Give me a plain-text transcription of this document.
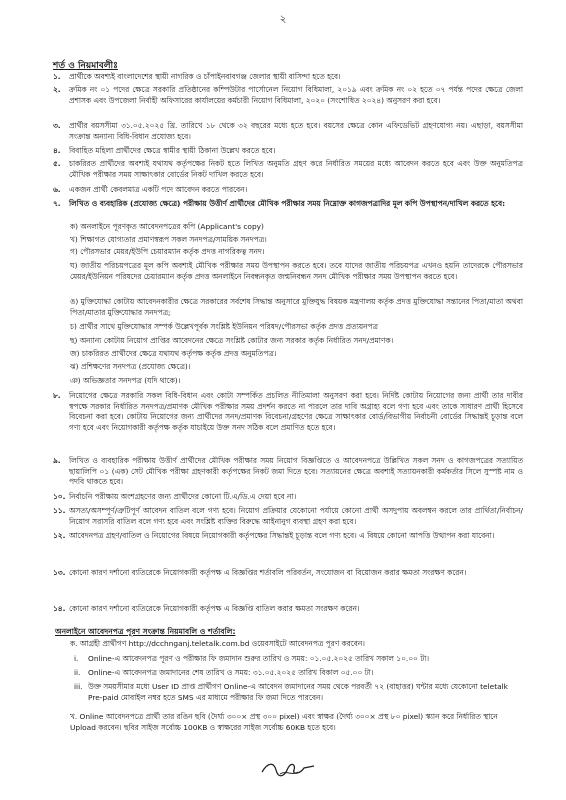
২
শর্ত ও নিয়মাবলীঃ
১. প্রার্থীকে অবশ্যই বাংলাদেশের স্থায়ী নাগরিক ও চাঁপাইনবাবগঞ্জ জেলার স্থায়ী বাসিন্দা হতে হবে।
২. ক্রমিক নং ০১ পদের ক্ষেত্রে সরকারি প্রতিষ্ঠানের কম্পিউটার পার্সোনেল নিয়োগ বিধিমালা, ২০১৯ এবং ক্রমিক নং ০২ হতে ০৭ পর্যন্ত পদের ক্ষেত্রে জেলা প্রশাসক এবং উপজেলা নির্বাহী অফিসারের কার্যালয়ের কর্মচারী নিয়োগ বিধিমালা, ২০২০ (সংশোধিত ২০২৪) অনুসরণ করা হবে।
৩. প্রার্থীর বয়সসীমা ৩১.০৫.২০২৫ খ্রি. তারিখে ১৮ থেকে ৩২ বছরের মধ্যে হতে হবে। বয়সের ক্ষেত্রে কোন এফিডেভিট গ্রহণযোগ্য নয়। এছাড়া, বয়সসীমা সংক্রান্ত অন্যান্য বিধি-বিধান প্রযোজ্য হবে।
৪. বিবাহিত মহিলা প্রার্থীদের ক্ষেত্রে স্বামীর স্থায়ী ঠিকানা উল্লেখ করতে হবে।
৫. চাকরিরত প্রার্থীদের অবশ্যই যথাযথ কর্তৃপক্ষের নিকট হতে লিখিত অনুমতি গ্রহণ করে নির্ধারিত সময়ের মধ্যে আবেদন করতে হবে এবং উক্ত অনুমতিপত্র মৌখিক পরীক্ষার সময় সাক্ষাৎকার বোর্ডের নিকট দাখিল করতে হবে।
৬. একজন প্রার্থী কেবলমাত্র একটি পদে আবেদন করতে পারবেন।
৭. লিখিত ও ব্যবহারিক (প্রযোজ্য ক্ষেত্রে) পরীক্ষায় উত্তীর্ণ প্রার্থীদের মৌখিক পরীক্ষার সময় নিম্নোক্ত কাগজপত্রাদির মূল কপি উপস্থাপন/দাখিল করতে হবে:
ক) অনলাইনে পূরণকৃত আবেদনপত্রের কপি (Applicant's copy)
খ) শিক্ষাগত যোগ্যতার প্রমাণস্বরূপ সকল সনদপত্র/সাময়িক সনদপত্র।
গ) পৌরসভার মেয়র/ইউপি চেয়ারম্যান কর্তৃক প্রদত্ত নাগরিকত্ব সনদ।
ঘ) জাতীয় পরিচয়পত্রের মূল কপি অবশ্যই মৌখিক পরীক্ষার সময় উপস্থাপন করতে হবে। তবে যাদের জাতীয় পরিচয়পত্র এখনও হয়নি তাদেরকে পৌরসভার মেয়র/ইউনিয়ন পরিষদের চেয়ারম্যান কর্তৃক প্রদত্ত অনলাইনে নিবন্ধনকৃত জন্মনিবন্ধন সনদ মৌখিক পরীক্ষার সময় উপস্থাপন করতে হবে।
ঙ) মুক্তিযোদ্ধা কোটায় আবেদনকারীর ক্ষেত্রে সরকারের সর্বশেষ সিদ্ধান্ত অনুসারে মুক্তিযুদ্ধ বিষয়ক মন্ত্রণালয় কর্তৃক প্রদত্ত মুক্তিযোদ্ধা সন্তানের পিতা/মাতা অথবা পিতা/মাতার মুক্তিযোদ্ধার সনদপত্র;
চ) প্রার্থীর সাথে মুক্তিযোদ্ধার সম্পর্ক উল্লেখপূর্বক সংশ্লিষ্ট ইউনিয়ন পরিষদ/পৌরসভা কর্তৃক প্রদত্ত প্রত্যয়নপত্র
ছ) অন্যান্য কোটায় নিয়োগ প্রাপ্তির আবেদনের ক্ষেত্রে সংশ্লিষ্ট কোটার জন্য সরকার কর্তৃক নির্ধারিত সনদ/প্রমাণক।
জ) চাকরিরত প্রার্থীদের ক্ষেত্রে যথাযথ কর্তৃপক্ষ কর্তৃক প্রদত্ত অনুমতিপত্র।
ঝ) প্রশিক্ষণের সনদপত্র (প্রযোজ্য ক্ষেত্রে)।
ঞ) অভিজ্ঞতার সনদপত্র (যদি থাকে)।
৮. নিয়োগের ক্ষেত্রে সরকারি সকল বিধি-বিধান এবং কোটা সম্পর্কিত প্রচলিত নীতিমালা অনুসরণ করা হবে। নির্দিষ্ট কোটায় নিয়োগের জন্য প্রার্থী তার দাবীর স্বপক্ষে সরকার নির্ধারিত সনদপত্র/প্রমাণক মৌখিক পরীক্ষার সময় প্রদর্শন করতে না পারলে তার দাবি অগ্রাহ্য বলে গণ্য হবে এবং তাকে সাধারণ প্রার্থী হিসেবে বিবেচনা করা হবে। কোটায় নিয়োগের জন্য প্রার্থীদের সনদ/প্রমাণক বিবেচনা/গ্রহণের ক্ষেত্রে সাক্ষাৎকার বোর্ড/বিভাগীয় নির্বাচনী বোর্ডের সিদ্ধান্তই চূড়ান্ত বলে গণ্য হবে এবং নিয়োগকারী কর্তৃপক্ষ কর্তৃক যাচাইয়ে উক্ত সনদ সঠিক বলে প্রমাণিত হতে হবে।
৯. লিখিত ও ব্যবহারিক পরীক্ষায় উত্তীর্ণ প্রার্থীদের মৌখিক পরীক্ষার সময় নিয়োগ বিজ্ঞপ্তিতে ও আবেদনপত্রে উল্লিখিত সকল সনদ ও কাগজপত্রের সত্যায়িত ছায়ালিপি ০১ (এক) সেট মৌখিক পরীক্ষা গ্রহণকারী কর্তৃপক্ষের নিকট জমা দিতে হবে। সত্যায়নের ক্ষেত্রে অবশ্যই সত্যায়নকারী কর্মকর্তার সিলে সুস্পষ্ট নাম ও পদবি থাকতে হবে।
১০. নির্বাচনি পরীক্ষায় অংশগ্রহণের জন্য প্রার্থীদের কোনো টি.এ/ডি.এ দেয়া হবে না।
১১. অসত্য/অসম্পূর্ণ/ত্রুটিপূর্ণ আবেদন বাতিল বলে গণ্য হবে। নিয়োগ প্রক্রিয়ার যেকোনো পর্যায়ে কোনো প্রার্থী অসদুপায় অবলম্বন করলে তার প্রার্থিতা/নির্বাচন/নিয়োগ সরাসরি বাতিল বলে গণ্য হবে এবং সংশ্লিষ্ট ব্যক্তির বিরুদ্ধে আইনানুগ ব্যবস্থা গ্রহণ করা হবে।
১২. আবেদনপত্র গ্রহণ/বাতিল ও নিয়োগের বিষয়ে নিয়োগকারী কর্তৃপক্ষের সিদ্ধান্তই চূড়ান্ত বলে গণ্য হবে। এ বিষয়ে কোনো আপত্তি উত্থাপন করা যাবেনা।
১৩. কোনো কারণ দর্শানো ব্যতিরেকে নিয়োগকারী কর্তৃপক্ষ এ বিজ্ঞপ্তির শর্তাবলি পরিবর্তন, সংযোজন বা বিয়োজন করার ক্ষমতা সংরক্ষণ করেন।
১৪. কোনো কারণ দর্শানো ব্যতিরেকে নিয়োগকারী কর্তৃপক্ষ এ বিজ্ঞপ্তি বাতিল করার ক্ষমতা সংরক্ষণ করেন।
অনলাইনে আবেদনপত্র পূরণ সংক্রান্ত নিয়মাবলি ও শর্তাবলি:
ক. আগ্রহী প্রার্থীগণ http://dcchnganj.teletalk.com.bd ওয়েবসাইটে আবেদনপত্র পূরণ করবেন।
i. Online-এ আবেদনপত্র পূরণ ও পরীক্ষার ফি জমাদান শুরুর তারিখ ও সময়: ০১.০৫.২০২৫ তারিখ সকাল ১০.০০ টা।
ii. Online-এ আবেদনপত্র জমাদানের শেষ তারিখ ও সময়: ৩১.০৫.২০২৫ তারিখ বিকাল ০৫.০০ টা।
iii. উক্ত সময়সীমার মধ্যে User ID প্রাপ্ত প্রার্থীগণ Online-এ আবেদন জমাদানের সময় থেকে পরবর্তী ৭২ (বাহাত্তর) ঘন্টার মধ্যে যেকোনো teletalk Pre-paid মোবাইল নম্বর হতে SMS এর মাধ্যমে পরীক্ষার ফি জমা দিতে পারবেন।
খ. Online আবেদনপত্রে প্রার্থী তার রঙিন ছবি (দৈর্ঘ্য ৩০০× প্রস্থ ৩০০ pixel) এবং স্বাক্ষর (দৈর্ঘ্য ৩০০× প্রস্থ ৮০ pixel) স্ক্যান করে নির্ধারিত স্থানে Upload করবেন। ছবির সাইজ সর্বোচ্চ 100KB ও স্বাক্ষরের সাইজ সর্বোচ্চ 60KB হতে হবে।
